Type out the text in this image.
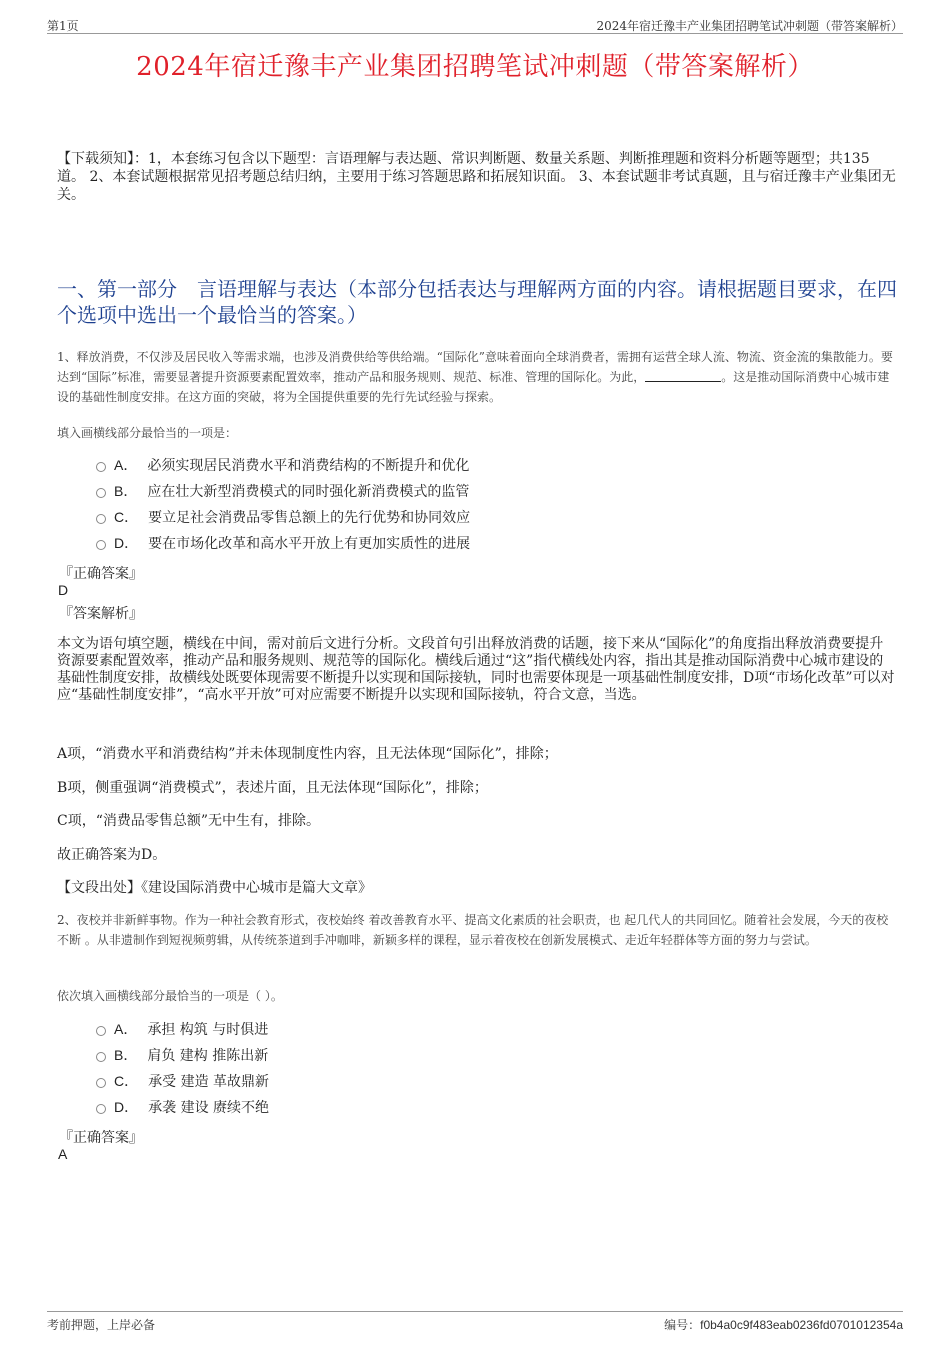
第1页	2024年宿迁豫丰产业集团招聘笔试冲刺题（带答案解析）
2024年宿迁豫丰产业集团招聘笔试冲刺题（带答案解析）
【下载须知】：1，本套练习包含以下题型：言语理解与表达题、常识判断题、数量关系题、判断推理题和资料分析题等题型；共135道。 2、本套试题根据常见招考题总结归纳，主要用于练习答题思路和拓展知识面。 3、本套试题非考试真题，且与宿迁豫丰产业集团无关。
一、第一部分　言语理解与表达（本部分包括表达与理解两方面的内容。请根据题目要求，在四个选项中选出一个最恰当的答案。）
1、释放消费，不仅涉及居民收入等需求端，也涉及消费供给等供给端。“国际化”意味着面向全球消费者，需拥有运营全球人流、物流、资金流的集散能力。要达到“国际”标准，需要显著提升资源要素配置效率，推动产品和服务规则、规范、标准、管理的国际化。为此，	。这是推动国际消费中心城市建设的基础性制度安排。在这方面的突破，将为全国提供重要的先行先试经验与探索。
填入画横线部分最恰当的一项是：
A． 必须实现居民消费水平和消费结构的不断提升和优化
B． 应在壮大新型消费模式的同时强化新消费模式的监管
C． 要立足社会消费品零售总额上的先行优势和协同效应
D． 要在市场化改革和高水平开放上有更加实质性的进展
『正确答案』
D
『答案解析』
本文为语句填空题，横线在中间，需对前后文进行分析。文段首句引出释放消费的话题，接下来从“国际化”的角度指出释放消费要提升资源要素配置效率，推动产品和服务规则、规范等的国际化。横线后通过“这”指代横线处内容，指出其是推动国际消费中心城市建设的基础性制度安排，故横线处既要体现需要不断提升以实现和国际接轨，同时也需要体现是一项基础性制度安排，D项“市场化改革”可以对应“基础性制度安排”，“高水平开放”可对应需要不断提升以实现和国际接轨，符合文意，当选。
A项，“消费水平和消费结构”并未体现制度性内容，且无法体现“国际化”，排除；
B项，侧重强调“消费模式”，表述片面，且无法体现“国际化”，排除；
C项，“消费品零售总额”无中生有，排除。
故正确答案为D。
【文段出处】《建设国际消费中心城市是篇大文章》
2、夜校并非新鲜事物。作为一种社会教育形式，夜校始终 着改善教育水平、提高文化素质的社会职责，也 起几代人的共同回忆。随着社会发展，今天的夜校不断 。从非遗制作到短视频剪辑，从传统茶道到手冲咖啡，新颖多样的课程，显示着夜校在创新发展模式、走近年轻群体等方面的努力与尝试。
依次填入画横线部分最恰当的一项是（ ）。
A． 承担 构筑 与时俱进
B． 肩负 建构 推陈出新
C． 承受 建造 革故鼎新
D． 承袭 建设 赓续不绝
『正确答案』
A
考前押题，上岸必备	编号：f0b4a0c9f483eab0236fd0701012354a
